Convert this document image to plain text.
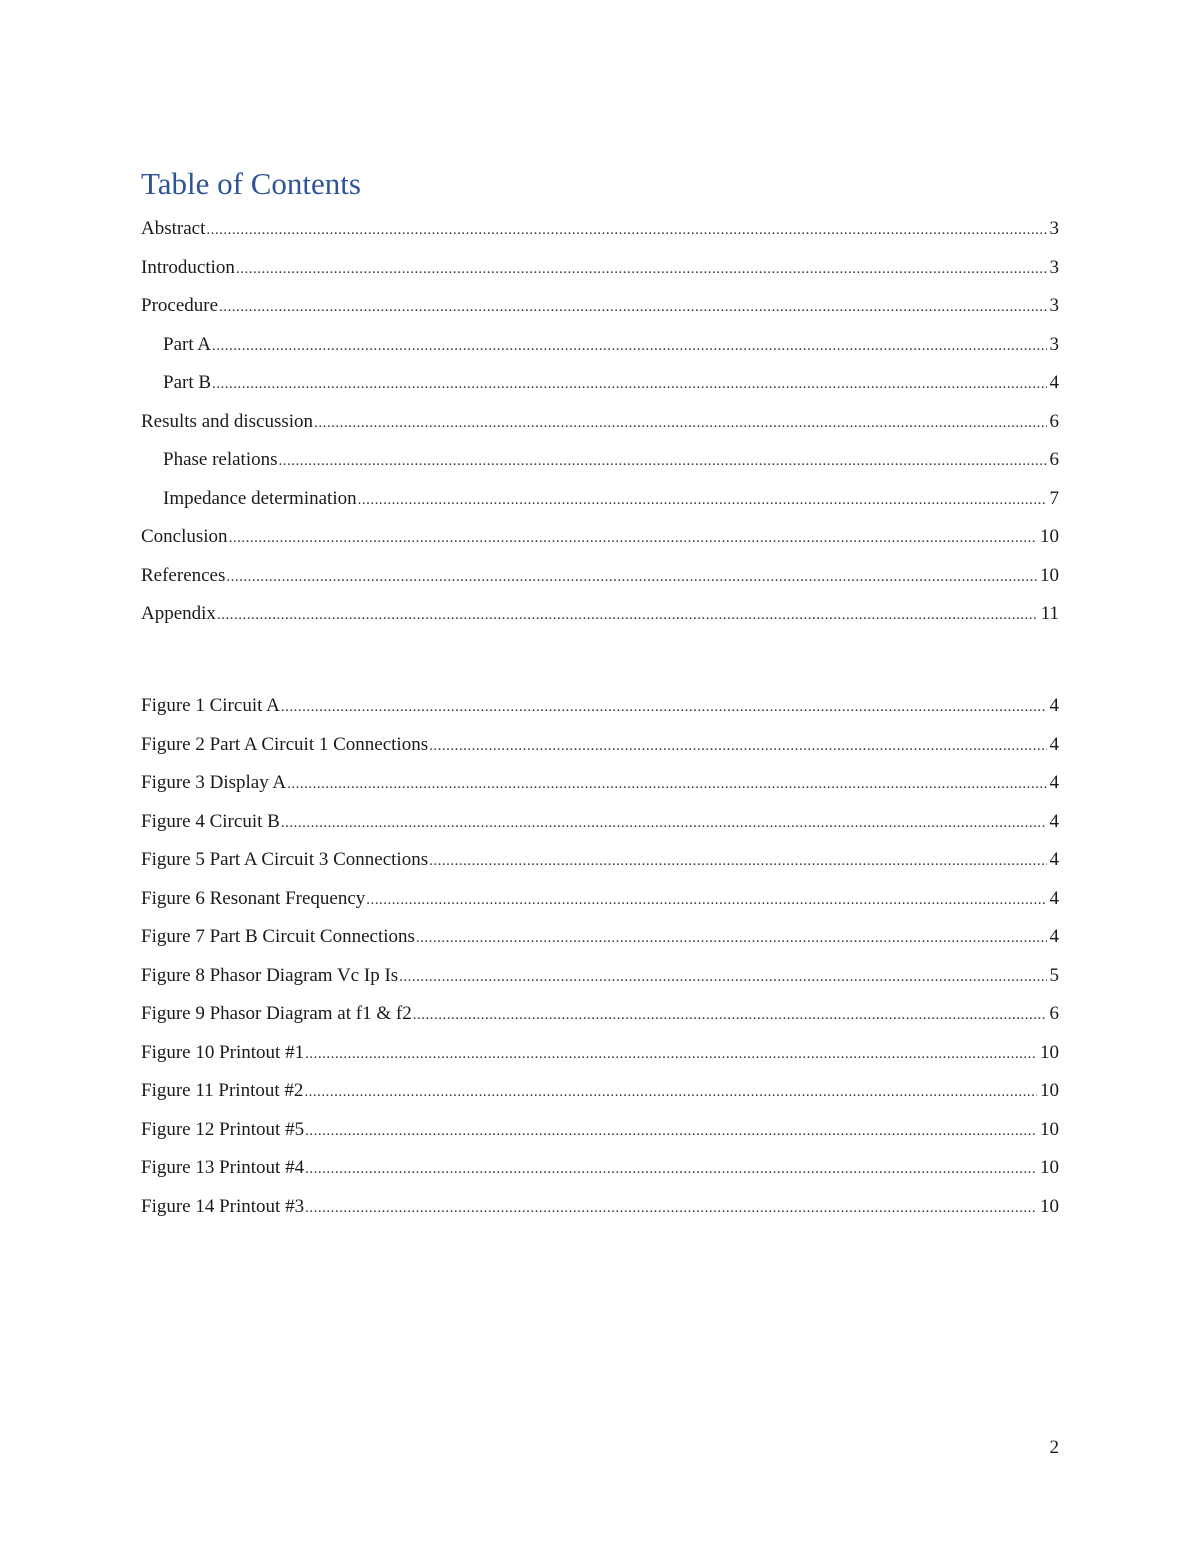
Table of Contents
Abstract .....	3
Introduction .....	3
Procedure .....	3
Part A .....	3
Part B .....	4
Results and discussion .....	6
Phase relations .....	6
Impedance determination .....	7
Conclusion .....	10
References .....	10
Appendix .....	11
Figure 1 Circuit A .....	4
Figure 2 Part A Circuit 1 Connections .....	4
Figure 3 Display A .....	4
Figure 4 Circuit B .....	4
Figure 5 Part A Circuit 3 Connections .....	4
Figure 6 Resonant Frequency .....	4
Figure 7 Part B Circuit Connections .....	4
Figure 8 Phasor Diagram Vc Ip Is .....	5
Figure 9 Phasor Diagram at f1 & f2 .....	6
Figure 10 Printout #1 .....	10
Figure 11 Printout #2 .....	10
Figure 12 Printout #5 .....	10
Figure 13 Printout #4 .....	10
Figure 14 Printout #3 .....	10
2
